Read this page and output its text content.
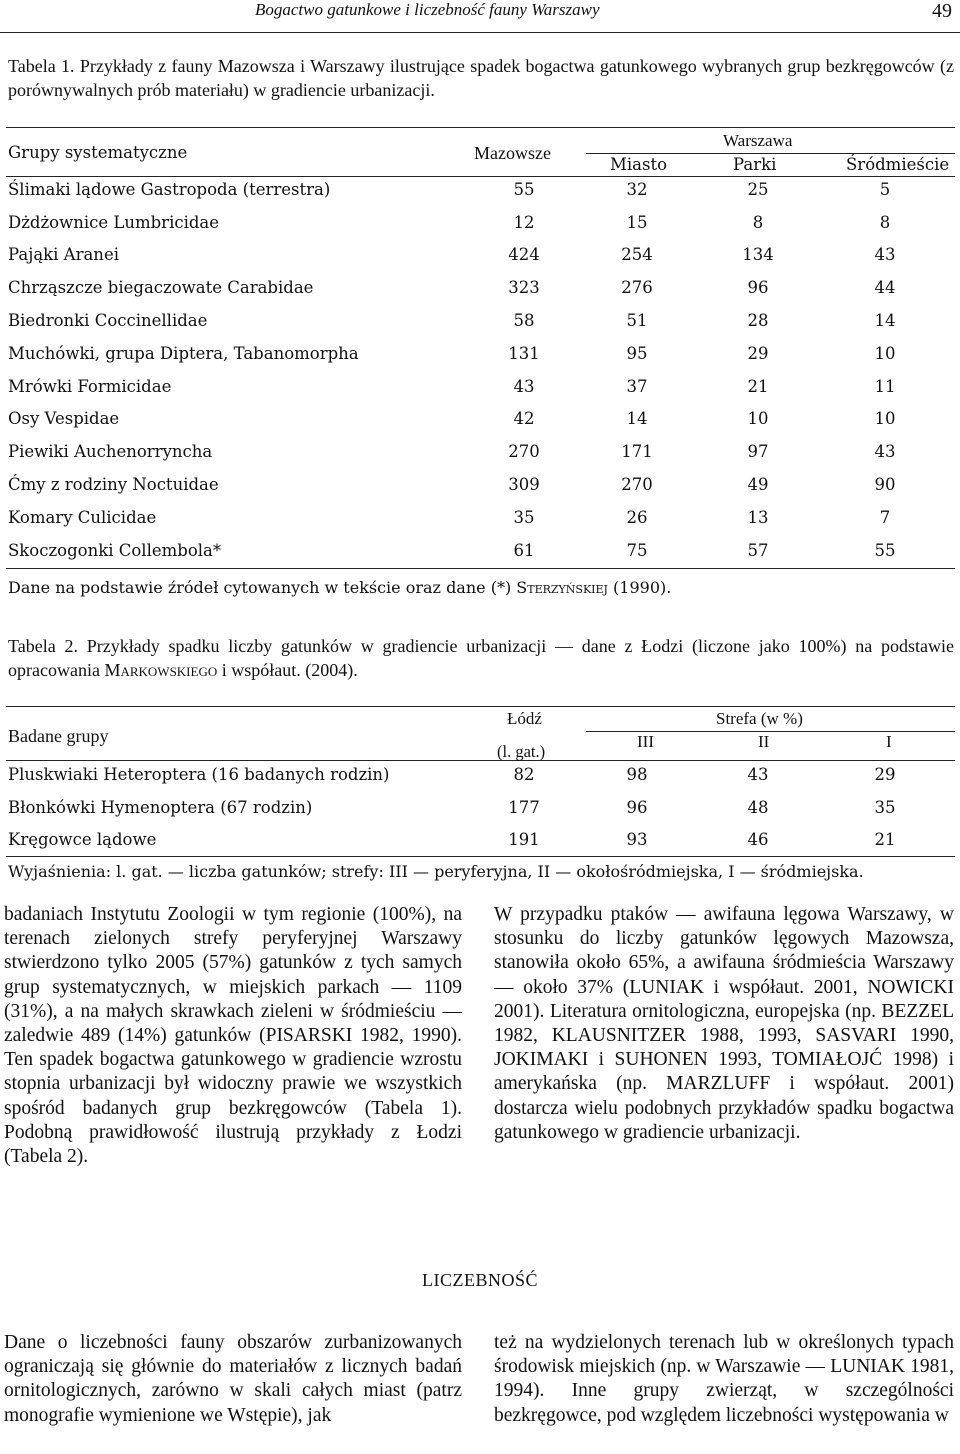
Bogactwo gatunkowe i liczebność fauny Warszawy	49
Tabela 1. Przykłady z fauny Mazowsza i Warszawy ilustrujące spadek bogactwa gatunkowego wybranych grup bezkręgowców (z porównywalnych prób materiału) w gradiencie urbanizacji.
Grupy systematyczne	Mazowsze
Warszawa
Miasto	Parki	Śródmieście
Ślimaki lądowe Gastropoda (terrestra)	55	32	25	5
Dżdżownice Lumbricidae	12	15	8	8
Pająki Aranei	424	254	134	43
Chrząszcze biegaczowate Carabidae	323	276	96	44
Biedronki Coccinellidae	58	51	28	14
Muchówki, grupa Diptera, Tabanomorpha	131	95	29	10
Mrówki Formicidae	43	37	21	11
Osy Vespidae	42	14	10	10
Piewiki Auchenorryncha	270	171	97	43
Ćmy z rodziny Noctuidae	309	270	49	90
Komary Culicidae	35	26	13	7
Skoczogonki Collembola*	61	75	57	55
Dane na podstawie źródeł cytowanych w tekście oraz dane (*) Sterzyńskiej (1990).
Tabela 2. Przykłady spadku liczby gatunków w gradiencie urbanizacji — dane z Łodzi (liczone jako 100%) na podstawie opracowania Markowskiego i współaut. (2004).
Badane grupy
Łódź
(l. gat.)
Strefa (w %)
III	II	I
Pluskwiaki Heteroptera (16 badanych rodzin)	82	98	43	29
Błonkówki Hymenoptera (67 rodzin)	177	96	48	35
Kręgowce lądowe	191	93	46	21
Wyjaśnienia: l. gat. — liczba gatunków; strefy: III — peryferyjna, II — okołośródmiejska, I — śródmiejska.
badaniach Instytutu Zoologii w tym regionie (100%), na terenach zielonych strefy peryferyjnej Warszawy stwierdzono tylko 2005 (57%) gatunków z tych samych grup systematycznych, w miejskich parkach — 1109 (31%), a na małych skrawkach zieleni w śródmieściu — zaledwie 489 (14%) gatunków (PISARSKI 1982, 1990). Ten spadek bogactwa gatunkowego w gradiencie wzrostu stopnia urbanizacji był widoczny prawie we wszystkich spośród badanych grup bezkręgowców (Tabela 1). Podobną prawidłowość ilustrują przykłady z Łodzi (Tabela 2).
W przypadku ptaków — awifauna lęgowa Warszawy, w stosunku do liczby gatunków lęgowych Mazowsza, stanowiła około 65%, a awifauna śródmieścia Warszawy — około 37% (LUNIAK i współaut. 2001, NOWICKI 2001). Literatura ornitologiczna, europejska (np. BEZZEL 1982, KLAUSNITZER 1988, 1993, SASVARI 1990, JOKIMAKI i SUHONEN 1993, TOMIAŁOJĆ 1998) i amerykańska (np. MARZLUFF i współaut. 2001) dostarcza wielu podobnych przykładów spadku bogactwa gatunkowego w gradiencie urbanizacji.
LICZEBNOŚĆ
Dane o liczebności fauny obszarów zurbanizowanych ograniczają się głównie do materiałów z licznych badań ornitologicznych, zarówno w skali całych miast (patrz monografie wymienione we Wstępie), jak
też na wydzielonych terenach lub w określonych typach środowisk miejskich (np. w Warszawie — LUNIAK 1981, 1994). Inne grupy zwierząt, w szczególności bezkręgowce, pod względem liczebności występowania w
